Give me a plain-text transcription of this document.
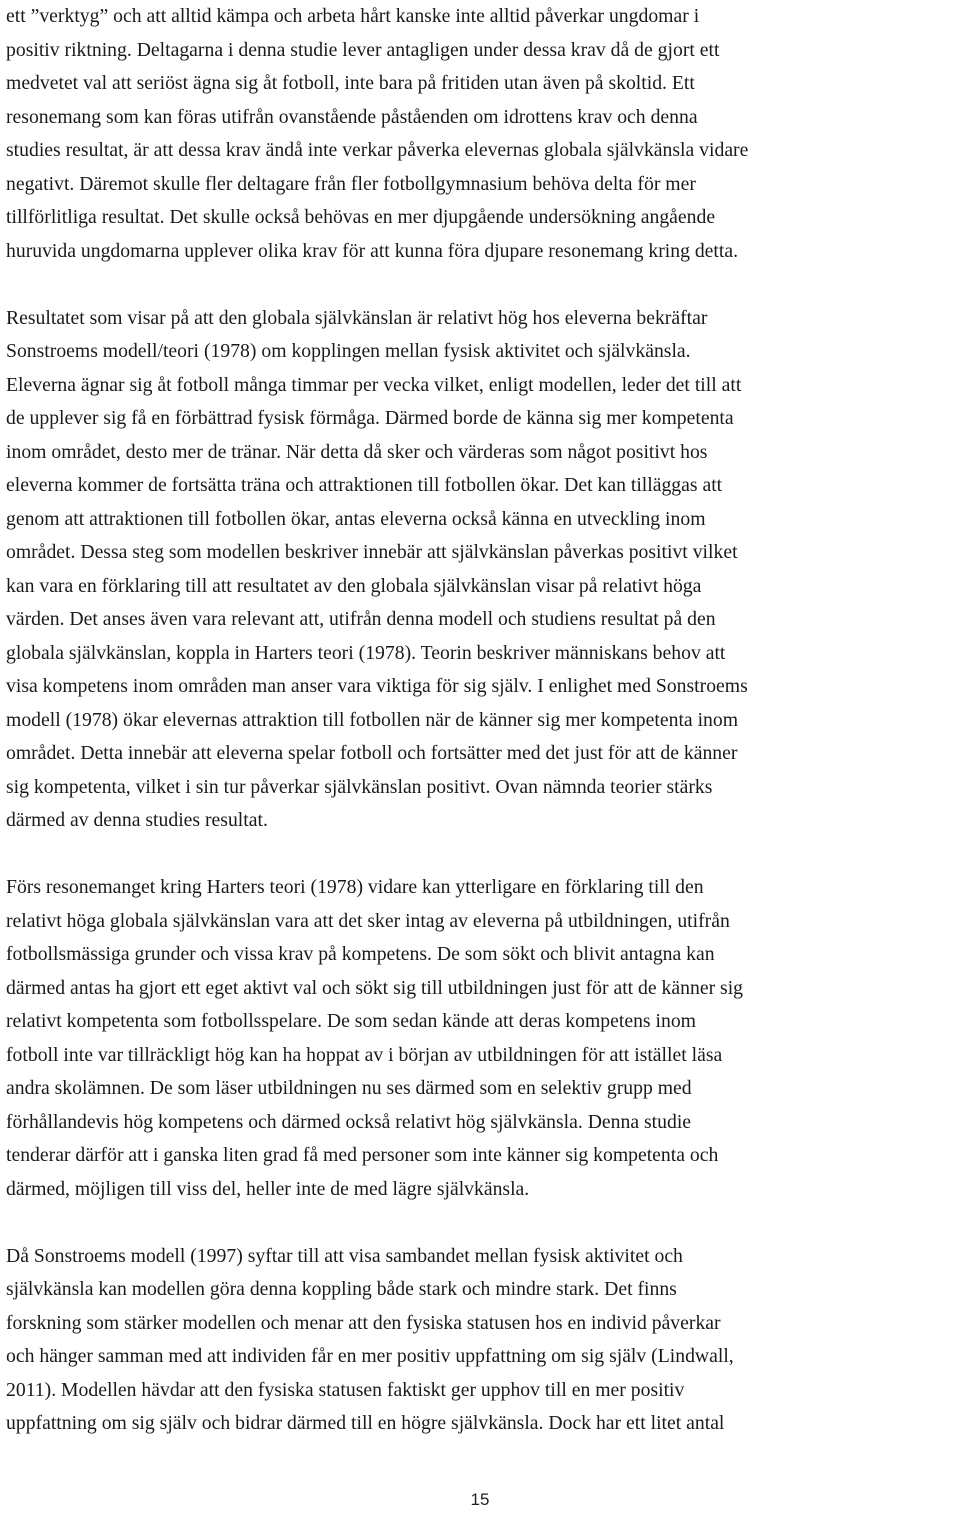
ett ”verktyg” och att alltid kämpa och arbeta hårt kanske inte alltid påverkar ungdomar i
positiv riktning. Deltagarna i denna studie lever antagligen under dessa krav då de gjort ett
medvetet val att seriöst ägna sig åt fotboll, inte bara på fritiden utan även på skoltid. Ett
resonemang som kan föras utifrån ovanstående påståenden om idrottens krav och denna
studies resultat, är att dessa krav ändå inte verkar påverka elevernas globala självkänsla vidare
negativt. Däremot skulle fler deltagare från fler fotbollgymnasium behöva delta för mer
tillförlitliga resultat. Det skulle också behövas en mer djupgående undersökning angående
huruvida ungdomarna upplever olika krav för att kunna föra djupare resonemang kring detta.

Resultatet som visar på att den globala självkänslan är relativt hög hos eleverna bekräftar
Sonstroems modell/teori (1978) om kopplingen mellan fysisk aktivitet och självkänsla.
Eleverna ägnar sig åt fotboll många timmar per vecka vilket, enligt modellen, leder det till att
de upplever sig få en förbättrad fysisk förmåga. Därmed borde de känna sig mer kompetenta
inom området, desto mer de tränar. När detta då sker och värderas som något positivt hos
eleverna kommer de fortsätta träna och attraktionen till fotbollen ökar. Det kan tilläggas att
genom att attraktionen till fotbollen ökar, antas eleverna också känna en utveckling inom
området. Dessa steg som modellen beskriver innebär att självkänslan påverkas positivt vilket
kan vara en förklaring till att resultatet av den globala självkänslan visar på relativt höga
värden. Det anses även vara relevant att, utifrån denna modell och studiens resultat på den
globala självkänslan, koppla in Harters teori (1978). Teorin beskriver människans behov att
visa kompetens inom områden man anser vara viktiga för sig själv. I enlighet med Sonstroems
modell (1978) ökar elevernas attraktion till fotbollen när de känner sig mer kompetenta inom
området. Detta innebär att eleverna spelar fotboll och fortsätter med det just för att de känner
sig kompetenta, vilket i sin tur påverkar självkänslan positivt. Ovan nämnda teorier stärks
därmed av denna studies resultat.

Förs resonemanget kring Harters teori (1978) vidare kan ytterligare en förklaring till den
relativt höga globala självkänslan vara att det sker intag av eleverna på utbildningen, utifrån
fotbollsmässiga grunder och vissa krav på kompetens. De som sökt och blivit antagna kan
därmed antas ha gjort ett eget aktivt val och sökt sig till utbildningen just för att de känner sig
relativt kompetenta som fotbollsspelare. De som sedan kände att deras kompetens inom
fotboll inte var tillräckligt hög kan ha hoppat av i början av utbildningen för att istället läsa
andra skolämnen. De som läser utbildningen nu ses därmed som en selektiv grupp med
förhållandevis hög kompetens och därmed också relativt hög självkänsla. Denna studie
tenderar därför att i ganska liten grad få med personer som inte känner sig kompetenta och
därmed, möjligen till viss del, heller inte de med lägre självkänsla.

Då Sonstroems modell (1997) syftar till att visa sambandet mellan fysisk aktivitet och
självkänsla kan modellen göra denna koppling både stark och mindre stark. Det finns
forskning som stärker modellen och menar att den fysiska statusen hos en individ påverkar
och hänger samman med att individen får en mer positiv uppfattning om sig själv (Lindwall,
2011). Modellen hävdar att den fysiska statusen faktiskt ger upphov till en mer positiv
uppfattning om sig själv och bidrar därmed till en högre självkänsla. Dock har ett litet antal

15
